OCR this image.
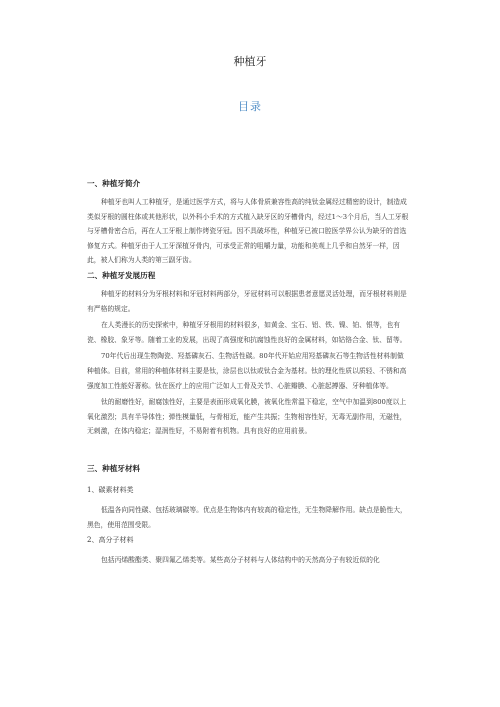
种植牙
目录
一、种植牙简介

种植牙也叫人工种植牙，是通过医学方式，将与人体骨质兼容性高的纯钛金属经过精密的设计，制造成类似牙根的圆柱体或其他形状，以外科小手术的方式植入缺牙区的牙槽骨内，经过1〜3个月后，当人工牙根与牙槽骨密合后，再在人工牙根上制作烤瓷牙冠。因不具破坏性，种植牙已被口腔医学界公认为缺牙的首选修复方式。种植牙由于人工牙深植牙骨内，可承受正常的咀嚼力量，功能和美观上几乎和自然牙一样，因此，被人们称为人类的第三副牙齿。

二、种植牙发展历程

种植牙的材料分为牙根材料和牙冠材料两部分，牙冠材料可以根据患者意愿灵活处理，而牙根材料则是有严格的规定。

在人类漫长的历史探索中，种植牙牙根用的材料很多，如黄金、宝石、铝、铁、镍、铂、银等，也有瓷、橡胶、象牙等。随着工业的发展，出现了高强度和抗腐蚀性良好的金属材料，如钴铬合金、钛、留等。

70年代后出现生物陶瓷、羟基磷灰石、生物活性碳。80年代开始应用羟基磷灰石等生物活性材料制做种植体。目前，常用的种植体材料主要是钛，涂层也以钛或钛合金为基材。钛的理化性质以质轻、不锈和高强度加工性能好著称。钛在医疗上的应用广泛如人工骨及关节、心脏瓣膜、心脏起搏器、牙种植体等。

钛的耐磨性好，耐腐蚀性好，主要是表面形成氧化膜，被氧化性常温下稳定，空气中加温到800度以上氧化激烈；具有半导体性；弹性模量低，与骨相近，能产生共振；生物相容性好，无毒无副作用，无磁性，无刺激，在体内稳定；湿润性好，不易附着有机物。具有良好的应用前景。

三、种植牙材料
1、碳素材料类

低温各向同性碳、包括玻璃碳等。优点是生物体内有较高的稳定性，无生物降解作用。缺点是脆性大，黑色，使用范围受限。

2、高分子材料

包括丙烯酸酯类、聚四氟乙烯类等。某些高分子材料与人体结构中的天然高分子有较近似的化
